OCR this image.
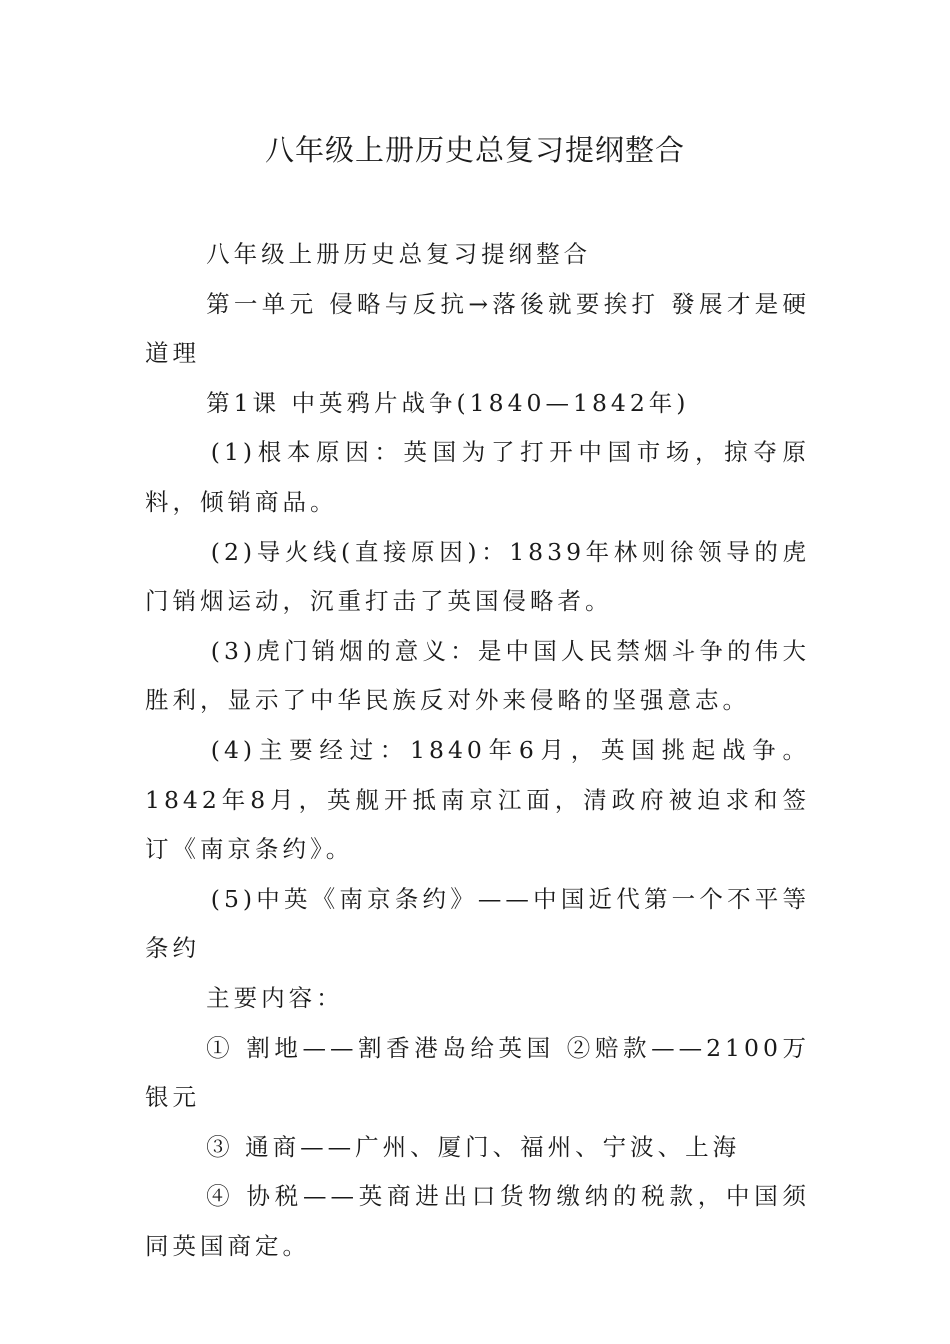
八年级上册历史总复习提纲整合

八年级上册历史总复习提纲整合

第一单元 侵略与反抗→落後就要挨打 發展才是硬道理

第1课 中英鸦片战争(1840—1842年)

(1)根本原因：英国为了打开中国市场，掠夺原料，倾销商品。

(2)导火线(直接原因)：1839年林则徐领导的虎门销烟运动，沉重打击了英国侵略者。

(3)虎门销烟的意义：是中国人民禁烟斗争的伟大胜利，显示了中华民族反对外来侵略的坚强意志。

(4)主要经过：1840年6月，英国挑起战争。1842年8月，英舰开抵南京江面，清政府被迫求和签订《南京条约》。

(5)中英《南京条约》——中国近代第一个不平等条约

主要内容：

① 割地——割香港岛给英国 ②赔款——2100万银元

③ 通商——广州、厦门、福州、宁波、上海

④ 协税——英商进出口货物缴纳的税款，中国须同英国商定。
